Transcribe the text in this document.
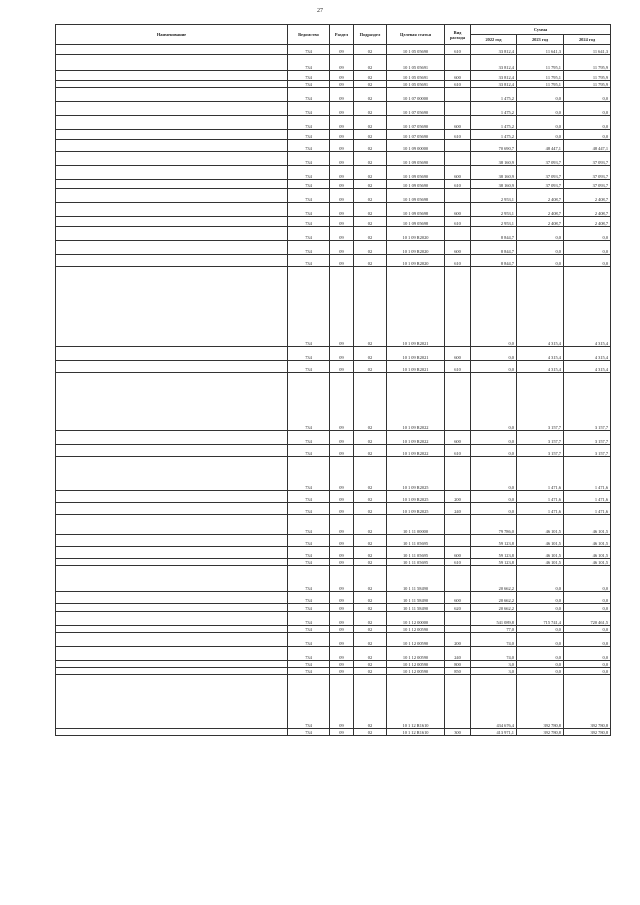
27
Наименование	Ведомство	Раздел	Подраздел	Целевая статья	Вид расхода	Сумма		
						2022 год	2023 год	2024 год
	734	09	02	10 1 05 05690	610	33 812,4	11 641,3	11 641,3
	734	09	02	10 1 05 05691		33 812,4	11 795,1	11 795,9
	734	09	02	10 1 05 05691	600	33 812,4	11 795,1	11 795,9
	734	09	02	10 1 05 05691	610	33 812,4	11 795,1	11 795,9
	734	09	02	10 1 07 00000		1 475,2	0,0	0,0
	734	09	02	10 1 07 05690		1 475,2	0,0	0,0
	734	09	02	10 1 07 05690	600	1 475,2	0,0	0,0
	734	09	02	10 1 07 05690	610	1 475,2	0,0	0,0
	734	09	02	10 1 09 00000		70 690,7	48 447,1	48 447,1
	734	09	02	10 1 09 05690		38 160,9	37 093,7	37 093,7
	734	09	02	10 1 09 05690	600	38 160,9	37 093,7	37 093,7
	734	09	02	10 1 09 05690	610	38 160,9	37 093,7	37 093,7
	734	09	02	10 1 09 05698		2 953,1	2 408,7	2 408,7
	734	09	02	10 1 09 05698	600	2 953,1	2 408,7	2 408,7
	734	09	02	10 1 09 05698	610	2 953,1	2 408,7	2 408,7
	734	09	02	10 1 09 R2020		8 844,7	0,0	0,0
	734	09	02	10 1 09 R2020	600	8 844,7	0,0	0,0
	734	09	02	10 1 09 R2020	610	8 844,7	0,0	0,0
	734	09	02	10 1 09 R2021		0,0	4 315,4	4 315,4
	734	09	02	10 1 09 R2021	600	0,0	4 315,4	4 315,4
	734	09	02	10 1 09 R2021	610	0,0	4 315,4	4 315,4
	734	09	02	10 1 09 R2022		0,0	3 157,7	3 157,7
	734	09	02	10 1 09 R2022	600	0,0	3 157,7	3 157,7
	734	09	02	10 1 09 R2022	610	0,0	3 157,7	3 157,7
	734	09	02	10 1 09 R2025		0,0	1 471,6	1 471,6
	734	09	02	10 1 09 R2025	200	0,0	1 471,6	1 471,6
	734	09	02	10 1 09 R2025	240	0,0	1 471,6	1 471,6
	734	09	02	10 1 11 00000		79 786,0	46 101,5	46 101,5
	734	09	02	10 1 11 05695		59 123,8	46 101,5	46 101,5
	734	09	02	10 1 11 05695	600	59 123,8	46 101,5	46 101,5
	734	09	02	10 1 11 05695	610	59 123,8	46 101,5	46 101,5
	734	09	02	10 1 11 58490		20 662,2	0,0	0,0
	734	09	02	10 1 11 58490	600	20 662,2	0,0	0,0
	734	09	02	10 1 11 58490	620	20 662,2	0,0	0,0
	734	09	02	10 1 12 00000		541 089,8	715 741,4	720 461,5
	734	09	02	10 1 12 00590		77,0	0,0	0,0
	734	09	02	10 1 12 00590	200	74,0	0,0	0,0
	734	09	02	10 1 12 00590	240	74,0	0,0	0,0
	734	09	02	10 1 12 00590	800	3,0	0,0	0,0
	734	09	02	10 1 12 00590	850	3,0	0,0	0,0
	734	09	02	10 1 12 R1610		434 676,4	392 780,8	392 780,8
	734	09	02	10 1 12 R1610	300	413 971,1	392 780,8	392 780,8
